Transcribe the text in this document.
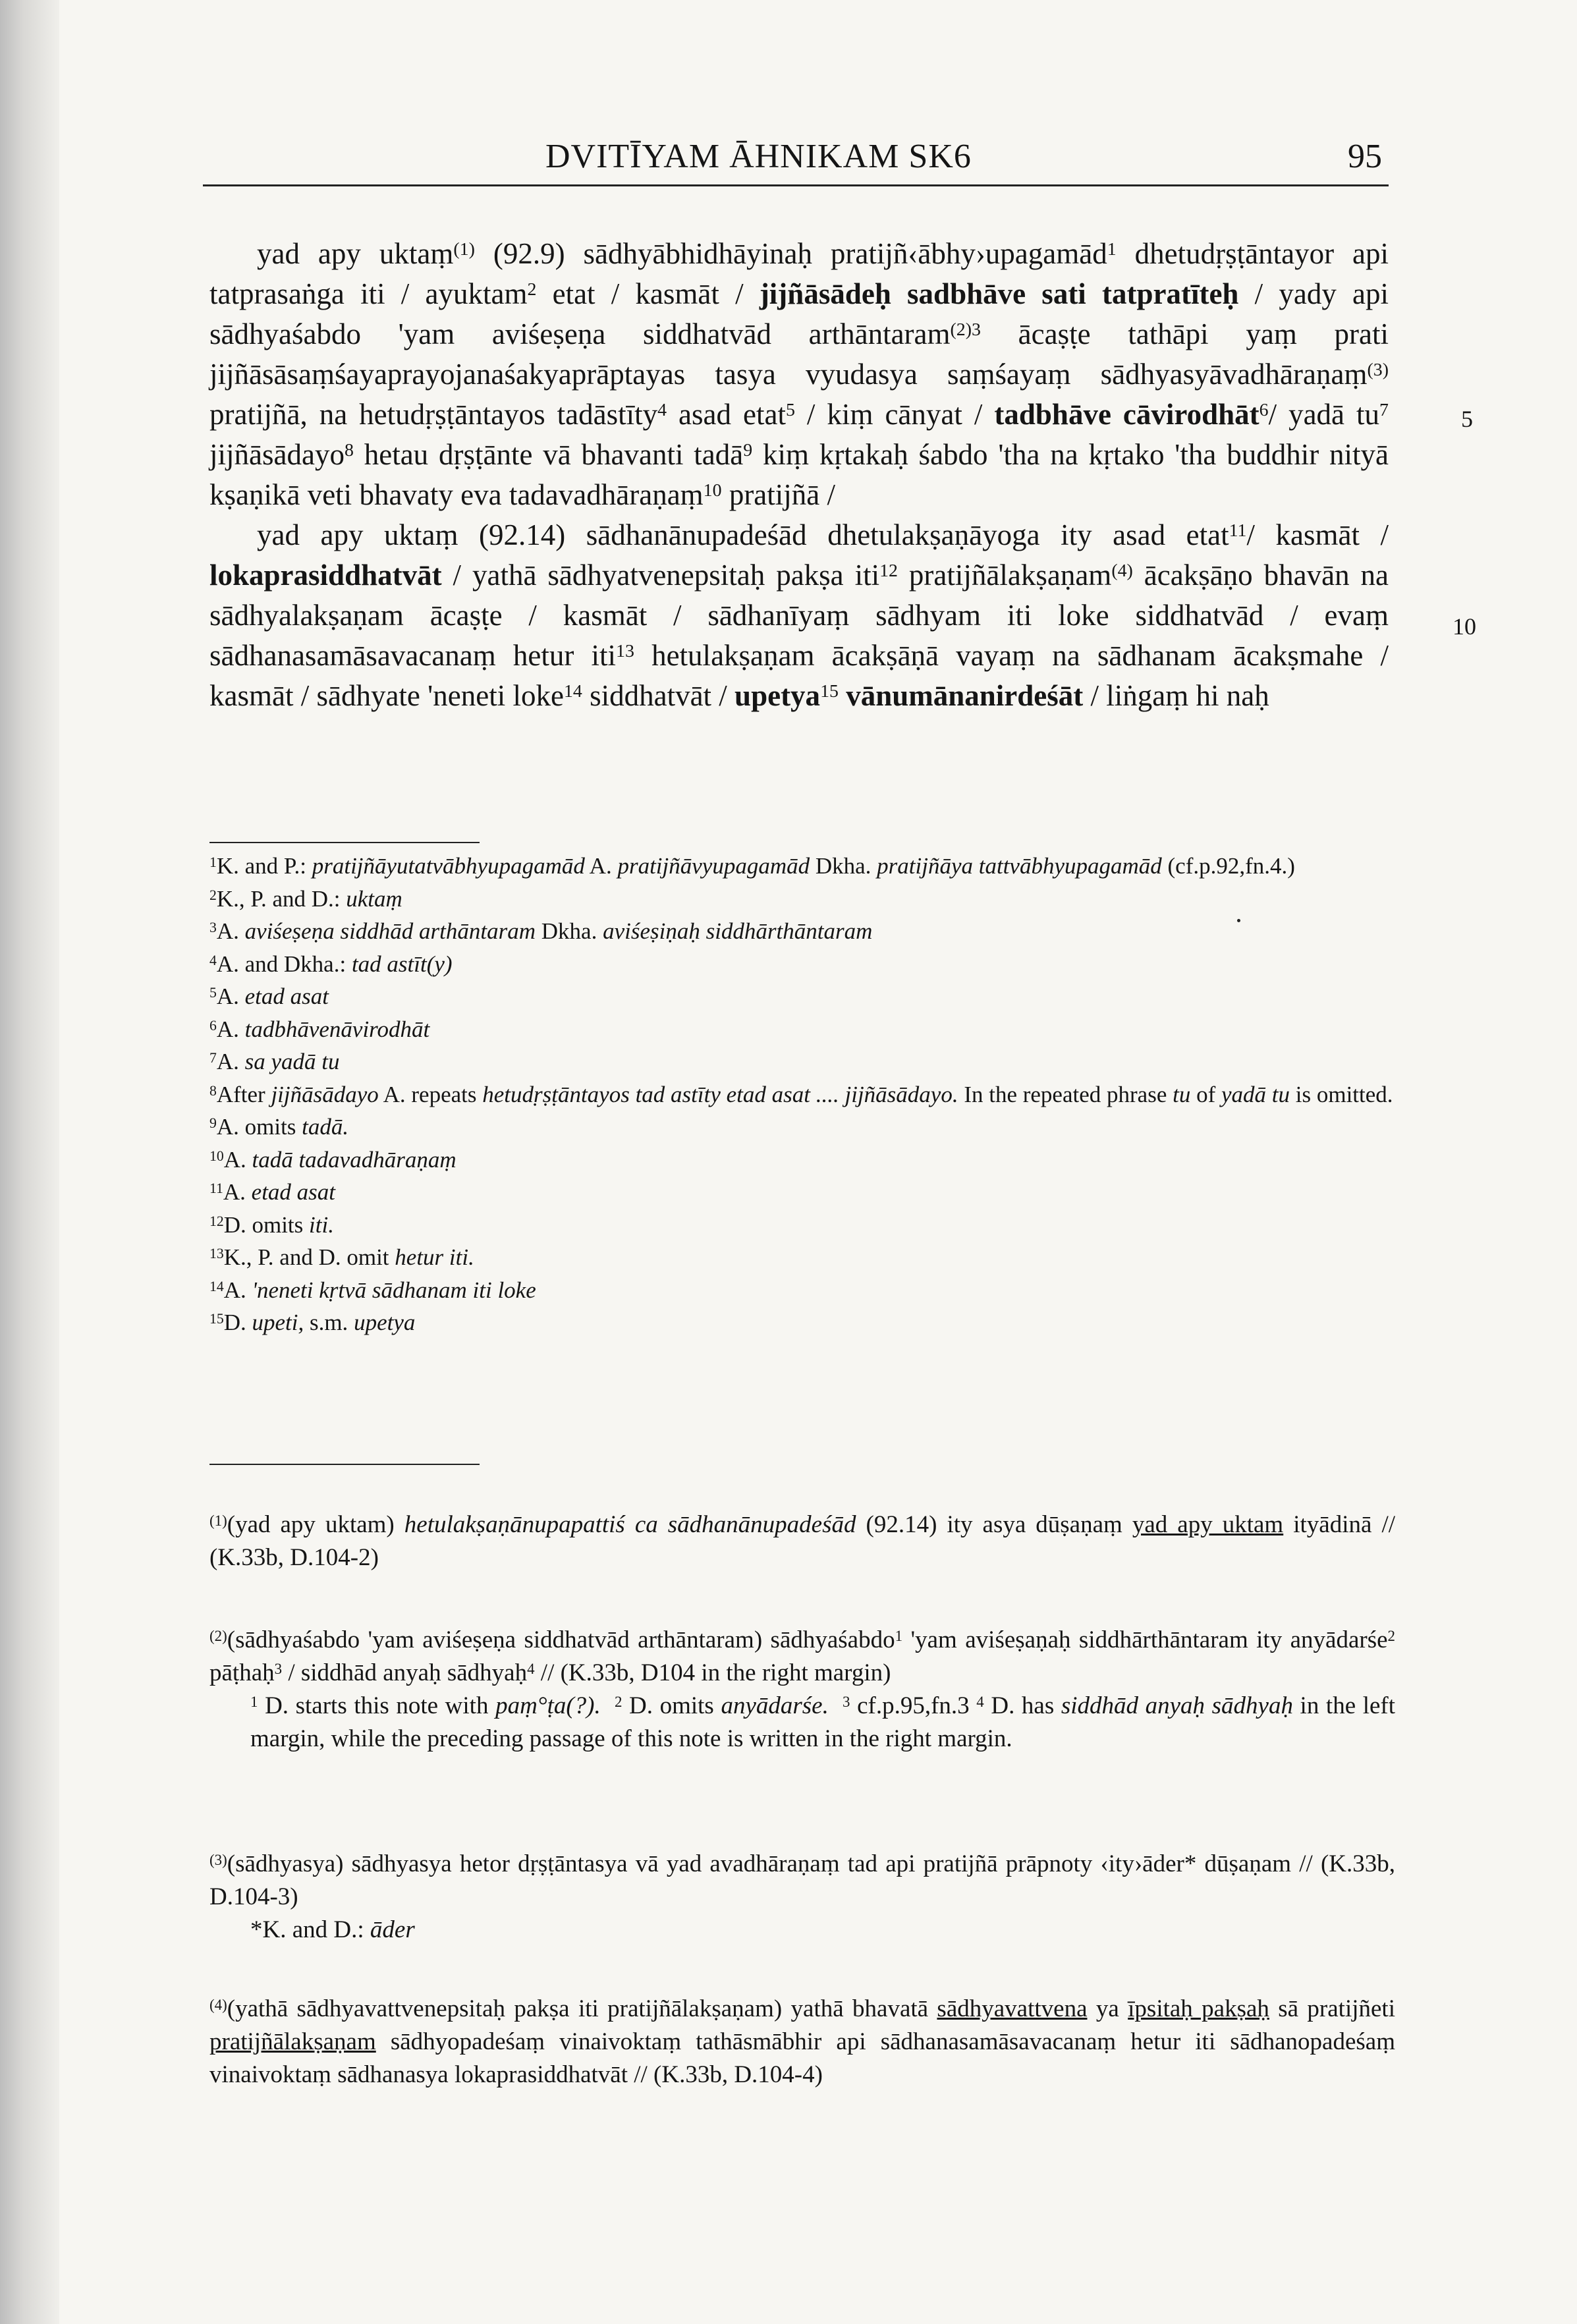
DVITĪYAM ĀHNIKAM SK6	95
5
10

yad apy uktaṃ$^{(1)}$ (92.9) sādhyābhidhāyinaḥ pratijñ‹ābhy›upagamād$^1$ dhetudṛṣṭāntayor api tatprasaṅga iti / ayuktam$^2$ etat / kasmāt / jijñāsādeḥ sadbhāve sati tatpratīteḥ / yady api sādhyaśabdo 'yam aviśeṣeṇa siddhatvād arthāntaram$^{(2)3}$ ācaṣṭe tathāpi yaṃ prati jijñāsāsaṃśayaprayojanaśakyaprāptayas tasya vyudasya saṃśayaṃ sādhyasyāvadhāraṇaṃ$^{(3)}$ pratijñā, na hetudṛṣṭāntayos tadāstīty$^4$ asad etat$^5$ / kiṃ cānyat / tadbhāve cāvirodhāt$^6$/ yadā $tu^7$ jijñāsādayo$^8$ hetau dṛṣṭānte vā bhavanti tadā$^9$ kiṃ kṛtakaḥ śabdo 'tha na kṛtako 'tha buddhir nityā kṣaṇikā veti bhavaty eva tadavadhāraṇaṃ$^{10}$ pratijñā /

yad apy uktaṃ (92.14) sādhanānupadeśād dhetulakṣaṇāyoga ity asad etat$^{11}$/ kasmāt / lokaprasiddhatvāt / yathā sādhyatvenepsitaḥ pakṣa iti$^{12}$ pratijñālakṣaṇam$^{(4)}$ ācakṣāṇo bhavān na sādhyalakṣaṇam ācaṣṭe / kasmāt / sādhanīyaṃ sādhyam iti loke siddhatvād / evaṃ sādhanasamāsavacanaṃ hetur iti$^{13}$ hetulakṣaṇam ācakṣāṇā vayaṃ na sādhanam ācakṣmahe / kasmāt / sādhyate 'neneti loke$^{14}$ siddhatvāt / upetya$^{15}$ vānumānanirdeśāt / liṅgaṃ hi naḥ

$^1$K. and P.: pratijñāyutatvābhyupagamād A. pratijñāvyupagamād Dkha. pratijñāya tattvābhyupagamād (cf.p.92,fn.4.)

$^2$K., P. and D.: uktaṃ

$^3$A. aviśeṣeṇa siddhād arthāntaram Dkha. aviśeṣiṇaḥ siddhārthāntaram

$^4$A. and Dkha.: tad astīt(y)

$^5$A. etad asat

$^6$A. tadbhāvenāvirodhāt

$^7$A. sa yadā tu

$^8$After jijñāsādayo A. repeats hetudṛṣṭāntayos tad astīty etad asat .... jijñāsādayo. In the repeated phrase tu of yadā tu is omitted.

$^9$A. omits tadā.

$^{10}$A. tadā tadavadhāraṇaṃ

$^{11}$A. etad asat

$^{12}$D. omits iti.

$^{13}$K., P. and D. omit hetur iti.

$^{14}$A. 'neneti kṛtvā sādhanam iti loke

$^{15}$D. upeti, s.m. upetya

$^{(1)}$(yad apy uktam) hetulakṣaṇānupapattiś ca sādhanānupadeśād (92.14) ity asya dūṣaṇaṃ yad apy uktam ityādinā // (K.33b, D.104-2)

$^{(2)}$(sādhyaśabdo 'yam aviśeṣeṇa siddhatvād arthāntaram) sādhyaśabdo$^1$ 'yam aviśeṣaṇaḥ siddhārthāntaram ity anyādarśe$^2$ pāṭhaḥ$^3$ / siddhād anyaḥ sādhyaḥ$^4$ // (K.33b, D104 in the right margin)

$^1$ D. starts this note with paṃ°ṭa(?). $^2$ D. omits anyādarśe. $^3$ cf.p.95,fn.3 $^4$ D. has siddhād anyaḥ sādhyaḥ in the left margin, while the preceding passage of this note is written in the right margin.

$^{(3)}$(sādhyasya) sādhyasya hetor dṛṣṭāntasya vā yad avadhāraṇaṃ tad api pratijñā prāpnoty ‹ity›āder* dūṣaṇam // (K.33b, D.104-3)

*K. and D.: āder

$^{(4)}$(yathā sādhyavattvenepsitaḥ pakṣa iti pratijñālakṣaṇam) yathā bhavatā sādhyavattvena ya īpsitaḥ pakṣaḥ sā pratijñeti pratijñālakṣaṇam sādhyopadeśaṃ vinaivoktaṃ tathāsmābhir api sādhanasamāsavacanaṃ hetur iti sādhanopadeśaṃ vinaivoktaṃ sādhanasya lokaprasiddhatvāt // (K.33b, D.104-4)
